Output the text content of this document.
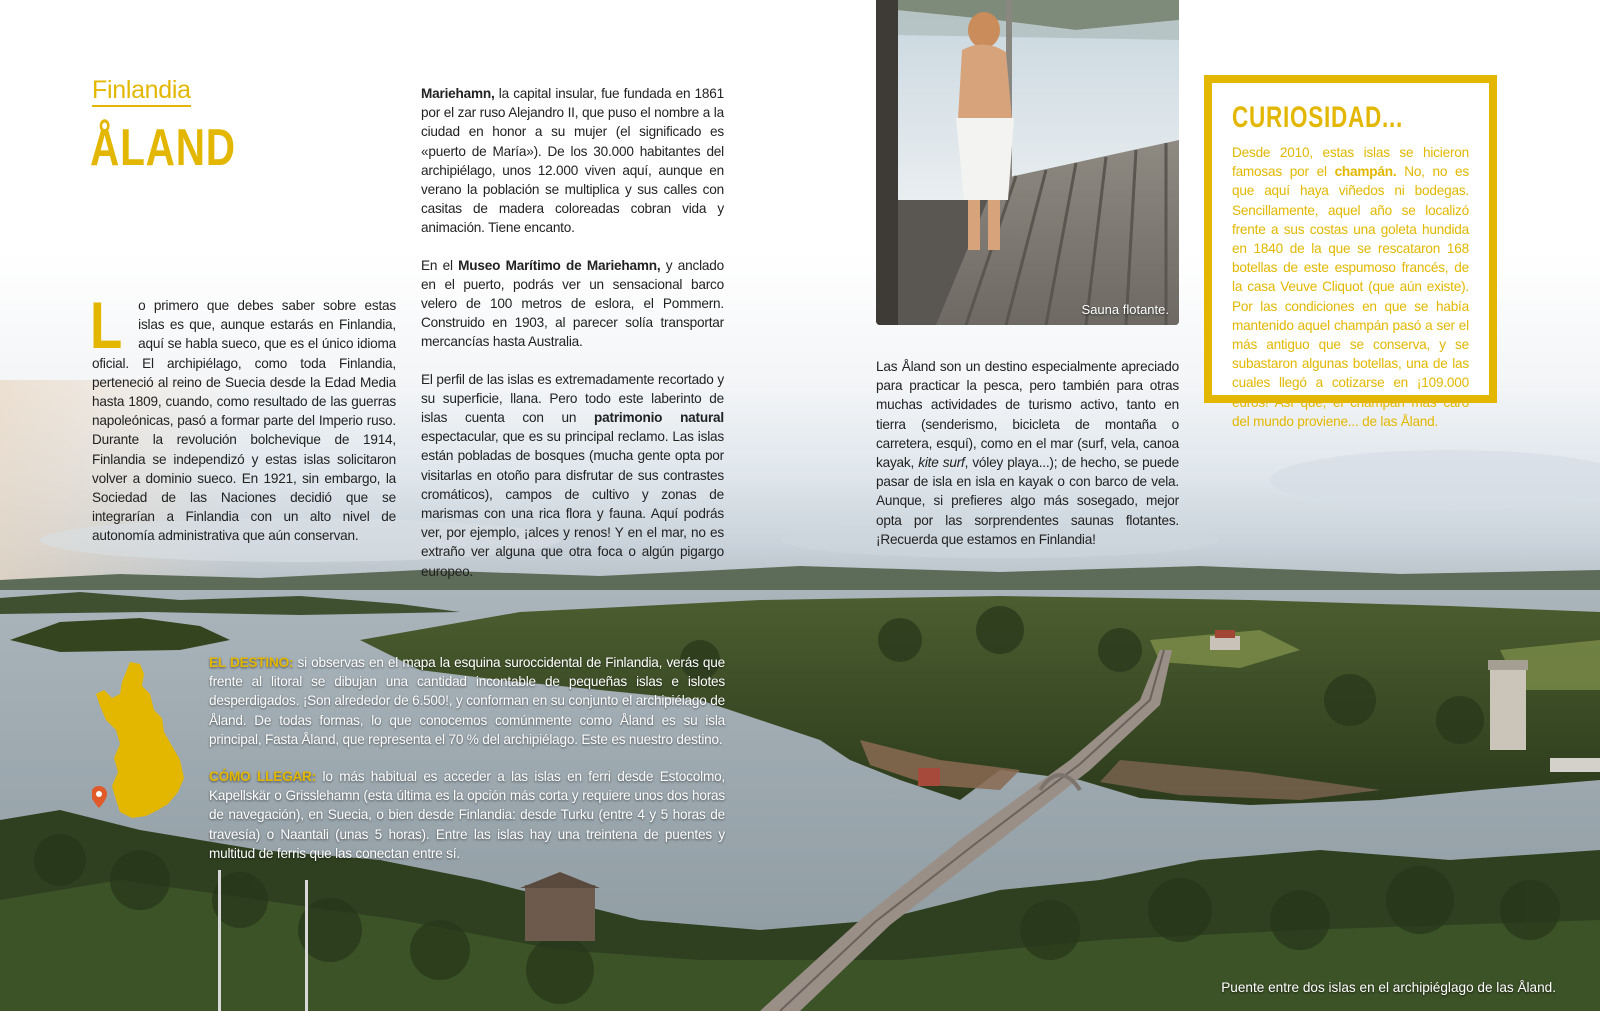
Finlandia
ÅLAND
L o primero que debes saber sobre estas islas es que, aunque estarás en Finlandia, aquí se habla sueco, que es el único idioma oficial. El archipiélago, como toda Finlandia, perteneció al reino de Suecia desde la Edad Media hasta 1809, cuando, como resultado de las guerras napoleónicas, pasó a formar parte del Imperio ruso. Durante la revolución bolchevique de 1914, Finlandia se independizó y estas islas solicitaron volver a dominio sueco. En 1921, sin embargo, la Sociedad de las Naciones decidió que se integrarían a Finlandia con un alto nivel de autonomía administrativa que aún conservan.

Mariehamn, la capital insular, fue fundada en 1861 por el zar ruso Alejandro II, que puso el nombre a la ciudad en honor a su mujer (el significado es «puerto de María»). De los 30.000 habitantes del archipiélago, unos 12.000 viven aquí, aunque en verano la población se multiplica y sus calles con casitas de madera coloreadas cobran vida y animación. Tiene encanto.

En el Museo Marítimo de Mariehamn, y anclado en el puerto, podrás ver un sensacional barco velero de 100 metros de eslora, el Pommern. Construido en 1903, al parecer solía transportar mercancías hasta Australia.

El perfil de las islas es extremadamente recortado y su superficie, llana. Pero todo este laberinto de islas cuenta con un patrimonio natural espectacular, que es su principal reclamo. Las islas están pobladas de bosques (mucha gente opta por visitarlas en otoño para disfrutar de sus contrastes cromáticos), campos de cultivo y zonas de marismas con una rica flora y fauna. Aquí podrás ver, por ejemplo, ¡alces y renos! Y en el mar, no es extraño ver alguna que otra foca o algún pigargo europeo.

Sauna flotante.
Las Åland son un destino especialmente apreciado para practicar la pesca, pero también para otras muchas actividades de turismo activo, tanto en tierra (senderismo, bicicleta de montaña o carretera, esquí), como en el mar (surf, vela, canoa kayak, kite surf, vóley playa...); de hecho, se puede pasar de isla en isla en kayak o con barco de vela. Aunque, si prefieres algo más sosegado, mejor opta por las sorprendentes saunas flotantes. ¡Recuerda que estamos en Finlandia!
CURIOSIDAD...
Desde 2010, estas islas se hicieron famosas por el champán. No, no es que aquí haya viñedos ni bodegas. Sencillamente, aquel año se localizó frente a sus costas una goleta hundida en 1840 de la que se rescataron 168 botellas de este espumoso francés, de la casa Veuve Cliquot (que aún existe). Por las condiciones en que se había mantenido aquel champán pasó a ser el más antiguo que se conserva, y se subastaron algunas botellas, una de las cuales llegó a cotizarse en ¡109.000 euros! Así que, el champán más caro del mundo proviene... de las Åland.

EL DESTINO: si observas en el mapa la esquina suroccidental de Finlandia, verás que frente al litoral se dibujan una cantidad incontable de pequeñas islas e islotes desperdigados. ¡Son alrededor de 6.500!, y conforman en su conjunto el archipiélago de Åland. De todas formas, lo que conocemos comúnmente como Åland es su isla principal, Fasta Åland, que representa el 70 % del archipiélago. Este es nuestro destino.

CÓMO LLEGAR: lo más habitual es acceder a las islas en ferri desde Estocolmo, Kapellskär o Grisslehamn (esta última es la opción más corta y requiere unos dos horas de navegación), en Suecia, o bien desde Finlandia: desde Turku (entre 4 y 5 horas de travesía) o Naantali (unas 5 horas). Entre las islas hay una treintena de puentes y multitud de ferris que las conectan entre sí.

Puente entre dos islas en el archipiéglago de las Åland.
